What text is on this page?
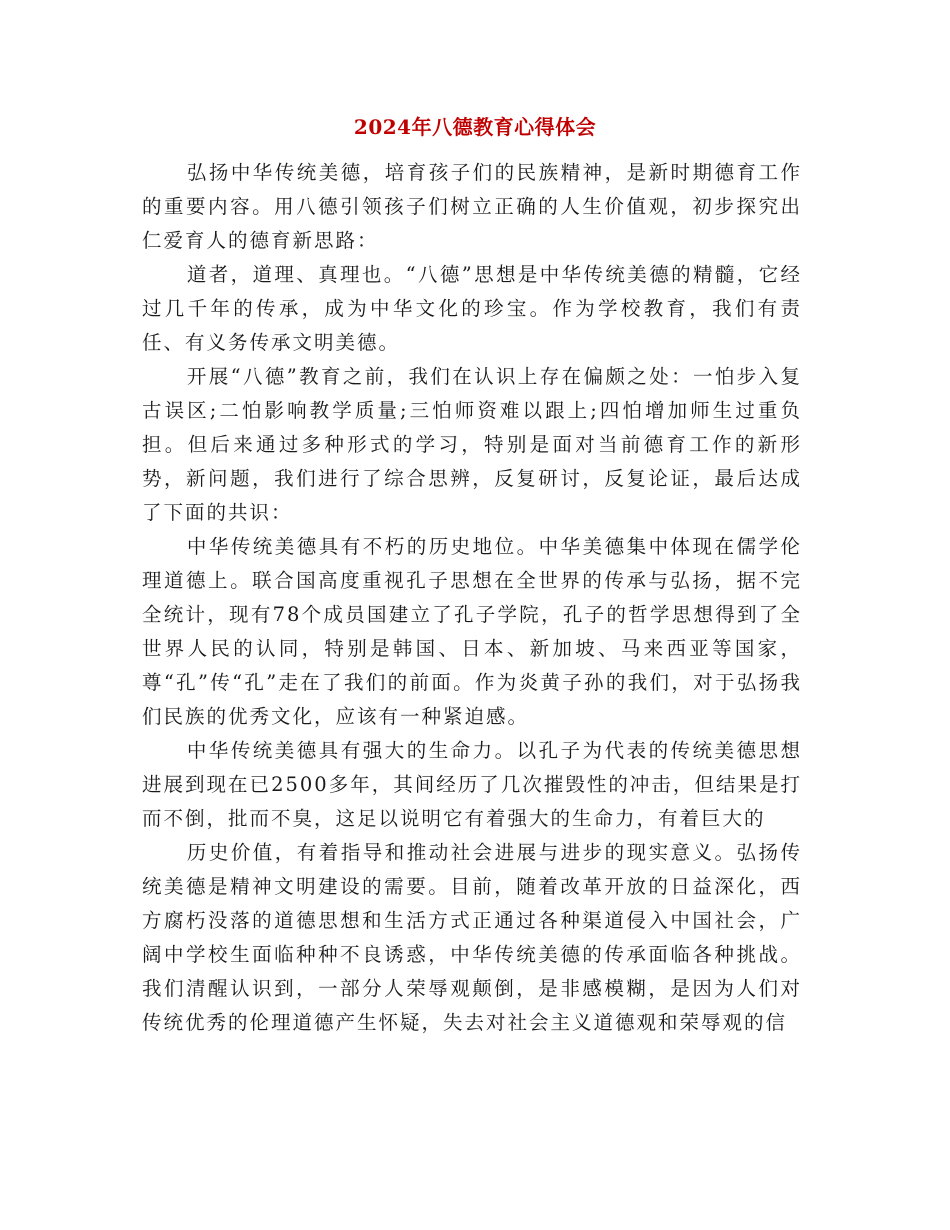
2024年八德教育心得体会

弘扬中华传统美德，培育孩子们的民族精神，是新时期德育工作的重要内容。用八德引领孩子们树立正确的人生价值观，初步探究出仁爱育人的德育新思路：

道者，道理、真理也。“八德”思想是中华传统美德的精髓，它经过几千年的传承，成为中华文化的珍宝。作为学校教育，我们有责任、有义务传承文明美德。

开展“八德”教育之前，我们在认识上存在偏颇之处：一怕步入复古误区;二怕影响教学质量;三怕师资难以跟上;四怕增加师生过重负担。但后来通过多种形式的学习，特别是面对当前德育工作的新形势，新问题，我们进行了综合思辨，反复研讨，反复论证，最后达成了下面的共识：

中华传统美德具有不朽的历史地位。中华美德集中体现在儒学伦理道德上。联合国高度重视孔子思想在全世界的传承与弘扬，据不完全统计，现有78个成员国建立了孔子学院，孔子的哲学思想得到了全世界人民的认同，特别是韩国、日本、新加坡、马来西亚等国家，尊“孔”传“孔”走在了我们的前面。作为炎黄子孙的我们，对于弘扬我们民族的优秀文化，应该有一种紧迫感。

中华传统美德具有强大的生命力。以孔子为代表的传统美德思想进展到现在已2500多年，其间经历了几次摧毁性的冲击，但结果是打而不倒，批而不臭，这足以说明它有着强大的生命力，有着巨大的

历史价值，有着指导和推动社会进展与进步的现实意义。弘扬传统美德是精神文明建设的需要。目前，随着改革开放的日益深化，西方腐朽没落的道德思想和生活方式正通过各种渠道侵入中国社会，广阔中学校生面临种种不良诱惑，中华传统美德的传承面临各种挑战。我们清醒认识到，一部分人荣辱观颠倒，是非感模糊，是因为人们对传统优秀的伦理道德产生怀疑，失去对社会主义道德观和荣辱观的信
